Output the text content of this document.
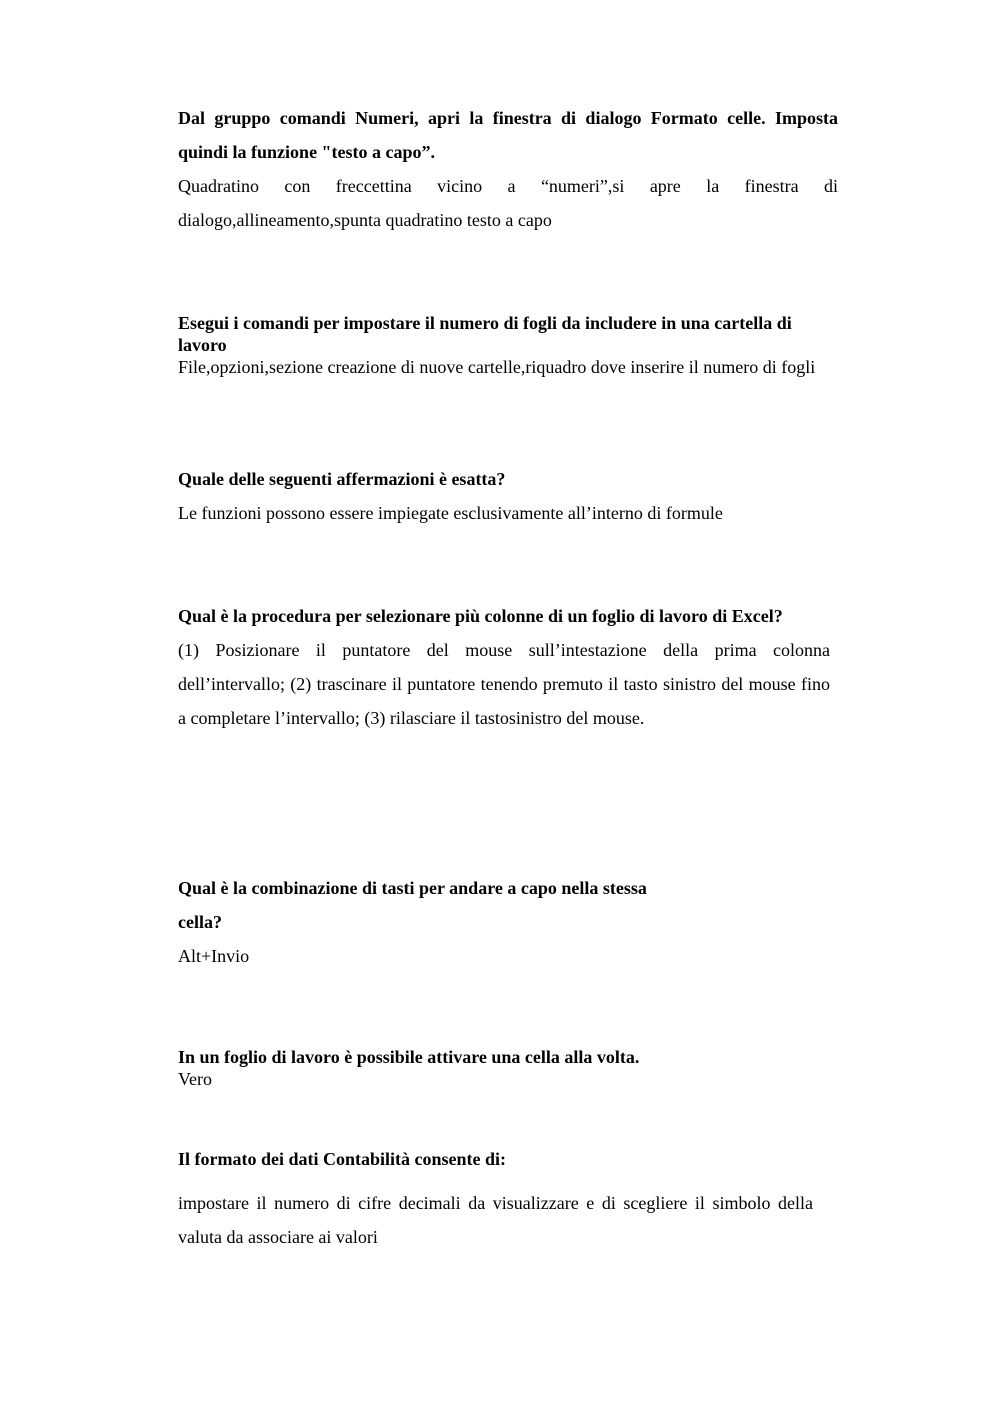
Dal gruppo comandi Numeri, apri la finestra di dialogo Formato celle. Imposta quindi la funzione "testo a capo”.

Quadratino con freccettina vicino a “numeri”,si apre la finestra di dialogo,allineamento,spunta quadratino testo a capo

Esegui i comandi per impostare il numero di fogli da includere in una cartella di lavoro

File,opzioni,sezione creazione di nuove cartelle,riquadro dove inserire il numero di fogli

Quale delle seguenti affermazioni è esatta?

Le funzioni possono essere impiegate esclusivamente all’interno di formule

Qual è la procedura per selezionare più colonne di un foglio di lavoro di Excel?

(1) Posizionare il puntatore del mouse sull’intestazione della prima colonna dell’intervallo; (2) trascinare il puntatore tenendo premuto il tasto sinistro del mouse fino a completare l’intervallo; (3) rilasciare il tastosinistro del mouse.

Qual è la combinazione di tasti per andare a capo nella stessa

cella?

Alt+Invio

In un foglio di lavoro è possibile attivare una cella alla volta.

Vero

Il formato dei dati Contabilità consente di:

impostare il numero di cifre decimali da visualizzare e di scegliere il simbolo della valuta da associare ai valori
